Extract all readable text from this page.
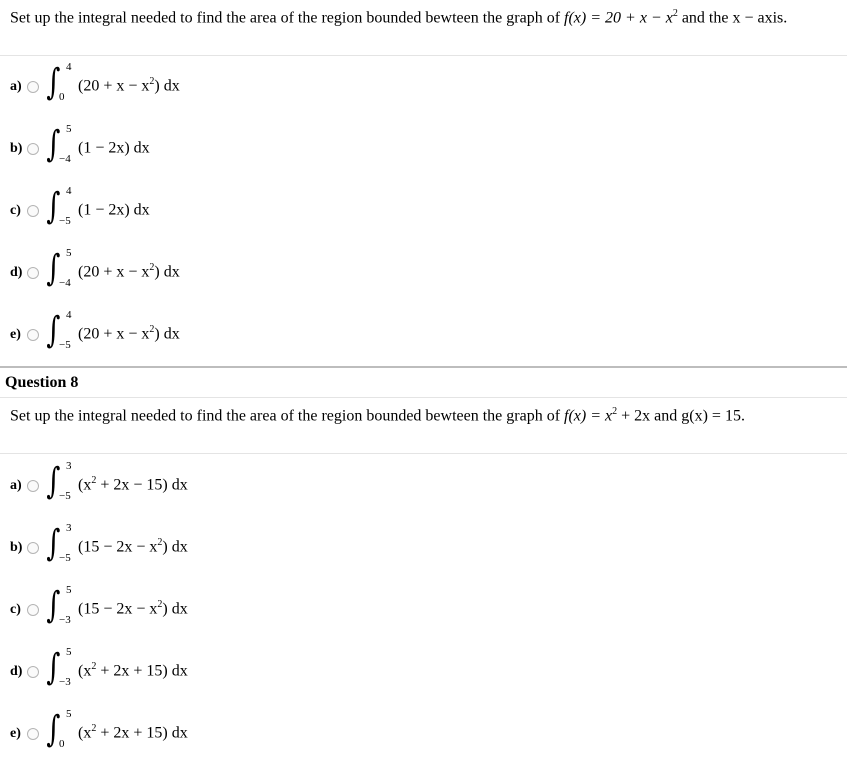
Set up the integral needed to find the area of the region bounded bewteen the graph of $f(x) = 20 + x - x^2$ and the x − axis.
a) ∫ 4
0
$(20 + x - x^2)$ dx
b) ∫ 5
−4
(1 − 2x) dx
c) ∫ 4
−5
(1 − 2x) dx
d) ∫ 5
−4
$(20 + x - x^2)$ dx
e) ∫ 4
−5
$(20 + x - x^2)$ dx
Question 8
Set up the integral needed to find the area of the region bounded bewteen the graph of $f(x) = x^2 + 2x$ and g(x) = 15.
a) ∫ 3
−5
$(x^2 + 2x - 15)$ dx
b) ∫ 3
−5
$(15 - 2x - x^2)$ dx
c) ∫ 5
−3
$(15 - 2x - x^2)$ dx
d) ∫ 5
−3
$(x^2 + 2x + 15)$ dx
e) ∫ 5
0
$(x^2 + 2x + 15)$ dx
